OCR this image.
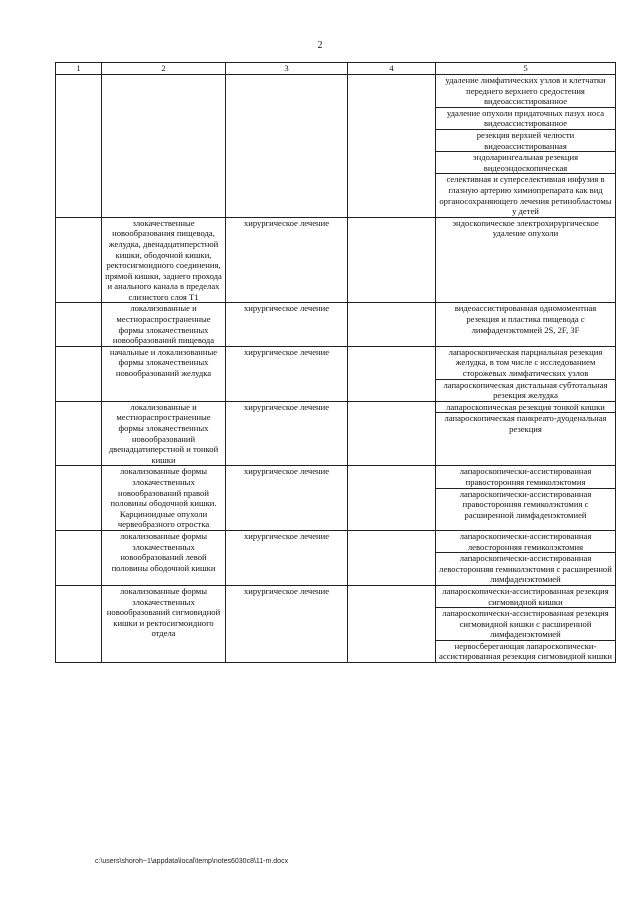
2
1	2	3	4	5

				удаление лимфатических узлов и клетчатки переднего верхнего средостения видеоассистированное
удаление опухоли придаточных пазух носа видеоассистированное
резекция верхней челюсти видеоассистированная
эндоларингеальная резекция видеоэндоскопическая
селективная и суперселективная инфузия в глазную артерию химиопрепарата как вид органосохраняющего лечения ретинобластомы у детей

	злокачественные новообразования пищевода, желудка, двенадцатиперстной кишки, ободочной кишки, ректосигмоидного соединения, прямой кишки, заднего прохода и анального канала в пределах слизистого слоя T1	хирургическое лечение		эндоскопическое электрохирургическое удаление опухоли

	локализованные и местнораспространенные формы злокачественных новообразований пищевода	хирургическое лечение		видеоассистированная одномоментная резекция и пластика пищевода с лимфаденэктомией 2S, 2F, 3F

	начальные и локализованные формы злокачественных новообразований желудка	хирургическое лечение		лапароскопическая парциальная резекция желудка, в том числе с исследованием сторожевых лимфатических узлов
лапароскопическая дистальная субтотальная резекция желудка

	локализованные и местнораспространенные формы злокачественных новообразований двенадцатиперстной и тонкой кишки	хирургическое лечение		лапароскопическая резекция тонкой кишки
лапароскопическая панкреато-дуоденальная резекция

	локализованные формы злокачественных новообразований правой половины ободочной кишки. Карциноидные опухоли червеобразного отростка	хирургическое лечение		лапароскопически-ассистированная правосторонняя гемиколэктомия
лапароскопически-ассистированная правосторонняя гемиколэктомия с расширенной лимфаденэктомией

	локализованные формы злокачественных новообразований левой половины ободочной кишки	хирургическое лечение		лапароскопически-ассистированная левосторонняя гемиколэктомия
лапароскопически-ассистированная левосторонняя гемиколэктомия с расширенной лимфаденэктомией

	локализованные формы злокачественных новообразований сигмовидной кишки и ректосигмоидного отдела	хирургическое лечение		лапароскопически-ассистированная резекция сигмовидной кишки
лапароскопически-ассистированная резекция сигмовидной кишки с расширенной лимфаденэктомией
нервосберегающая лапароскопически-ассистированная резекция сигмовидной кишки
c:\users\shoroh~1\appdata\local\temp\notes6030c8\11-m.docx
